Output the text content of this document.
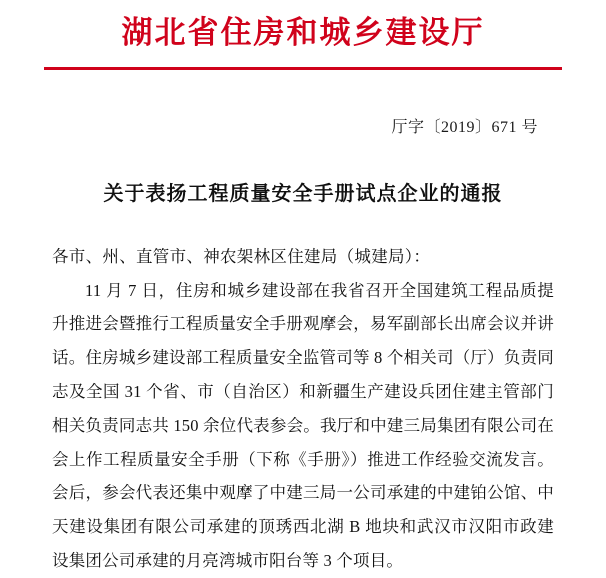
湖北省住房和城乡建设厅
厅字〔2019〕671 号
关于表扬工程质量安全手册试点企业的通报

各市、州、直管市、神农架林区住建局（城建局）：

11 月 7 日，住房和城乡建设部在我省召开全国建筑工程品质提升推进会暨推行工程质量安全手册观摩会，易军副部长出席会议并讲话。住房城乡建设部工程质量安全监管司等 8 个相关司（厅）负责同志及全国 31 个省、市（自治区）和新疆生产建设兵团住建主管部门相关负责同志共 150 余位代表参会。我厅和中建三局集团有限公司在会上作工程质量安全手册（下称《手册》）推进工作经验交流发言。会后，参会代表还集中观摩了中建三局一公司承建的中建铂公馆、中天建设集团有限公司承建的顶琇西北湖 B 地块和武汉市汉阳市政建设集团公司承建的月亮湾城市阳台等 3 个项目。
